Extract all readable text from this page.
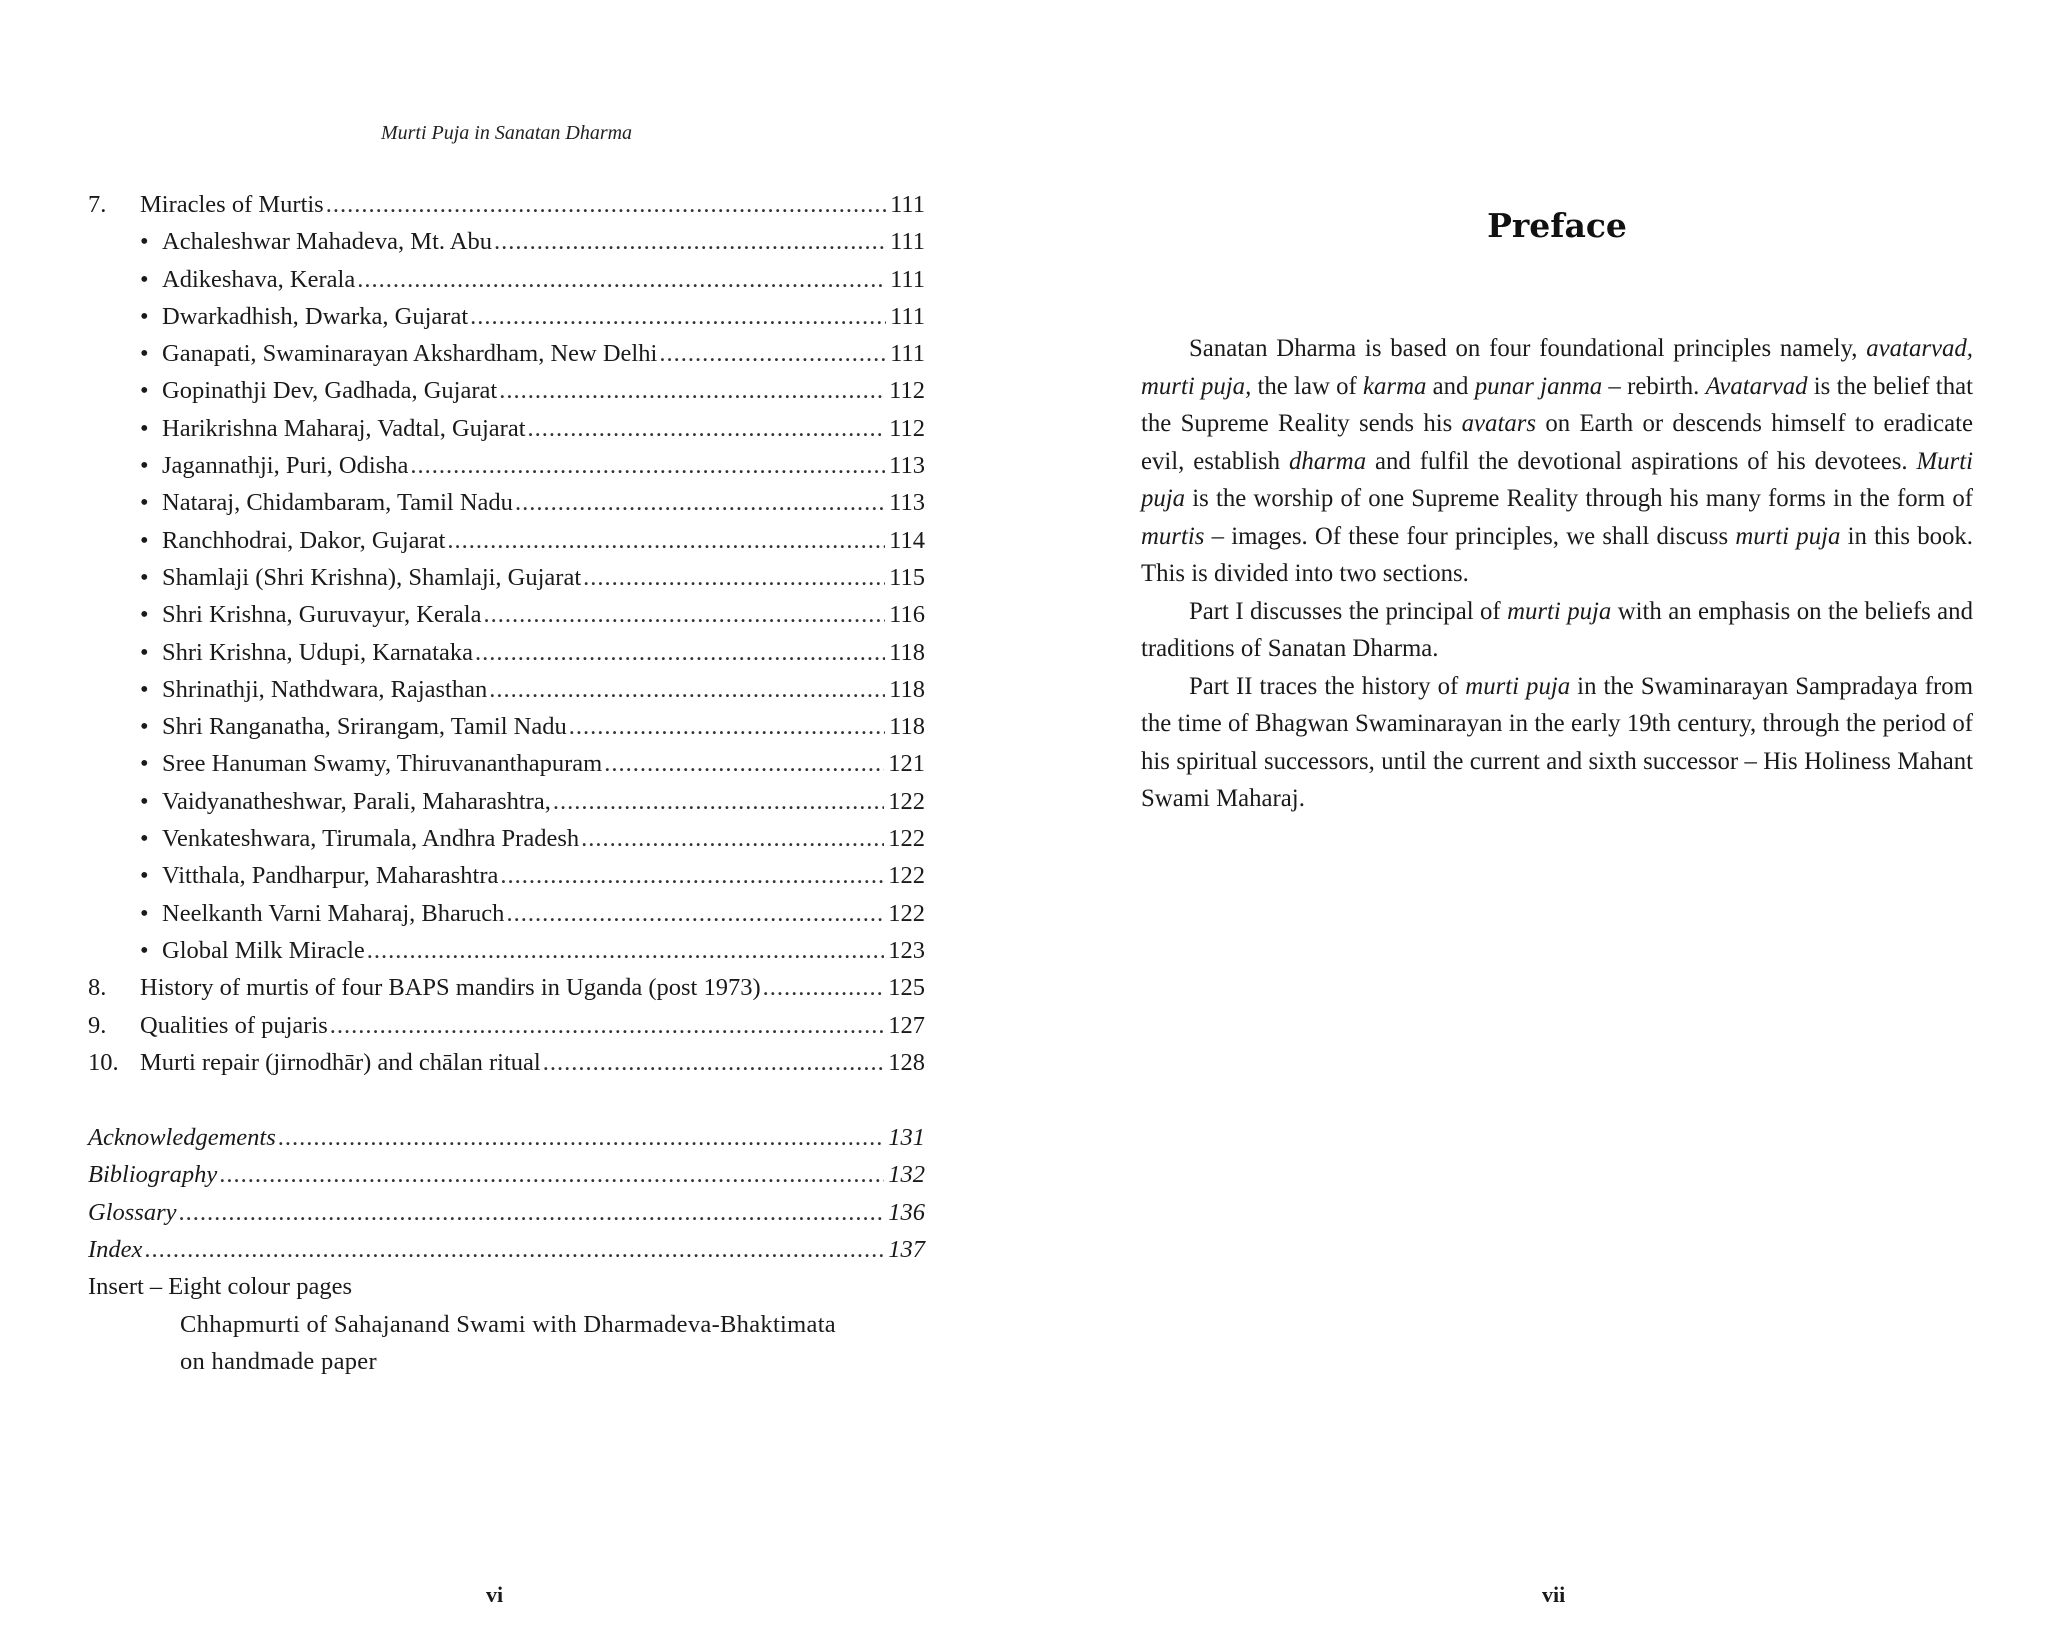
Murti Puja in Sanatan Dharma
7.	Miracles of Murtis .....	111
• Achaleshwar Mahadeva, Mt. Abu .....	111
• Adikeshava, Kerala .....	111
• Dwarkadhish, Dwarka, Gujarat .....	111
• Ganapati, Swaminarayan Akshardham, New Delhi .....	111
• Gopinathji Dev, Gadhada, Gujarat .....	112
• Harikrishna Maharaj, Vadtal, Gujarat .....	112
• Jagannathji, Puri, Odisha .....	113
• Nataraj, Chidambaram, Tamil Nadu .....	113
• Ranchhodrai, Dakor, Gujarat .....	114
• Shamlaji (Shri Krishna), Shamlaji, Gujarat .....	115
• Shri Krishna, Guruvayur, Kerala .....	116
• Shri Krishna, Udupi, Karnataka .....	118
• Shrinathji, Nathdwara, Rajasthan .....	118
• Shri Ranganatha, Srirangam, Tamil Nadu .....	118
• Sree Hanuman Swamy, Thiruvananthapuram .....	121
• Vaidyanatheshwar, Parali, Maharashtra, .....	122
• Venkateshwara, Tirumala, Andhra Pradesh .....	122
• Vitthala, Pandharpur, Maharashtra .....	122
• Neelkanth Varni Maharaj, Bharuch .....	122
• Global Milk Miracle .....	123
8.	History of murtis of four BAPS mandirs in Uganda (post 1973) .....	125
9.	Qualities of pujaris .....	127
10. Murti repair (jirnodhār) and chālan ritual .....	128
Acknowledgements .....	131
Bibliography .....	132
Glossary .....	136
Index .....	137
Insert – Eight colour pages
Chhapmurti of Sahajanand Swami with Dharmadeva-Bhaktimata
on handmade paper
vi
Preface

Sanatan Dharma is based on four foundational principles namely, avatarvad, murti puja, the law of karma and punar janma – rebirth. Avatarvad is the belief that the Supreme Reality sends his avatars on Earth or descends himself to eradicate evil, establish dharma and fulfil the devotional aspirations of his devotees. Murti puja is the worship of one Supreme Reality through his many forms in the form of murtis – images. Of these four principles, we shall discuss murti puja in this book. This is divided into two sections.

Part I discusses the principal of murti puja with an emphasis on the beliefs and traditions of Sanatan Dharma.

Part II traces the history of murti puja in the Swaminarayan Sampradaya from the time of Bhagwan Swaminarayan in the early 19th century, through the period of his spiritual successors, until the current and sixth successor – His Holiness Mahant Swami Maharaj.

vii
